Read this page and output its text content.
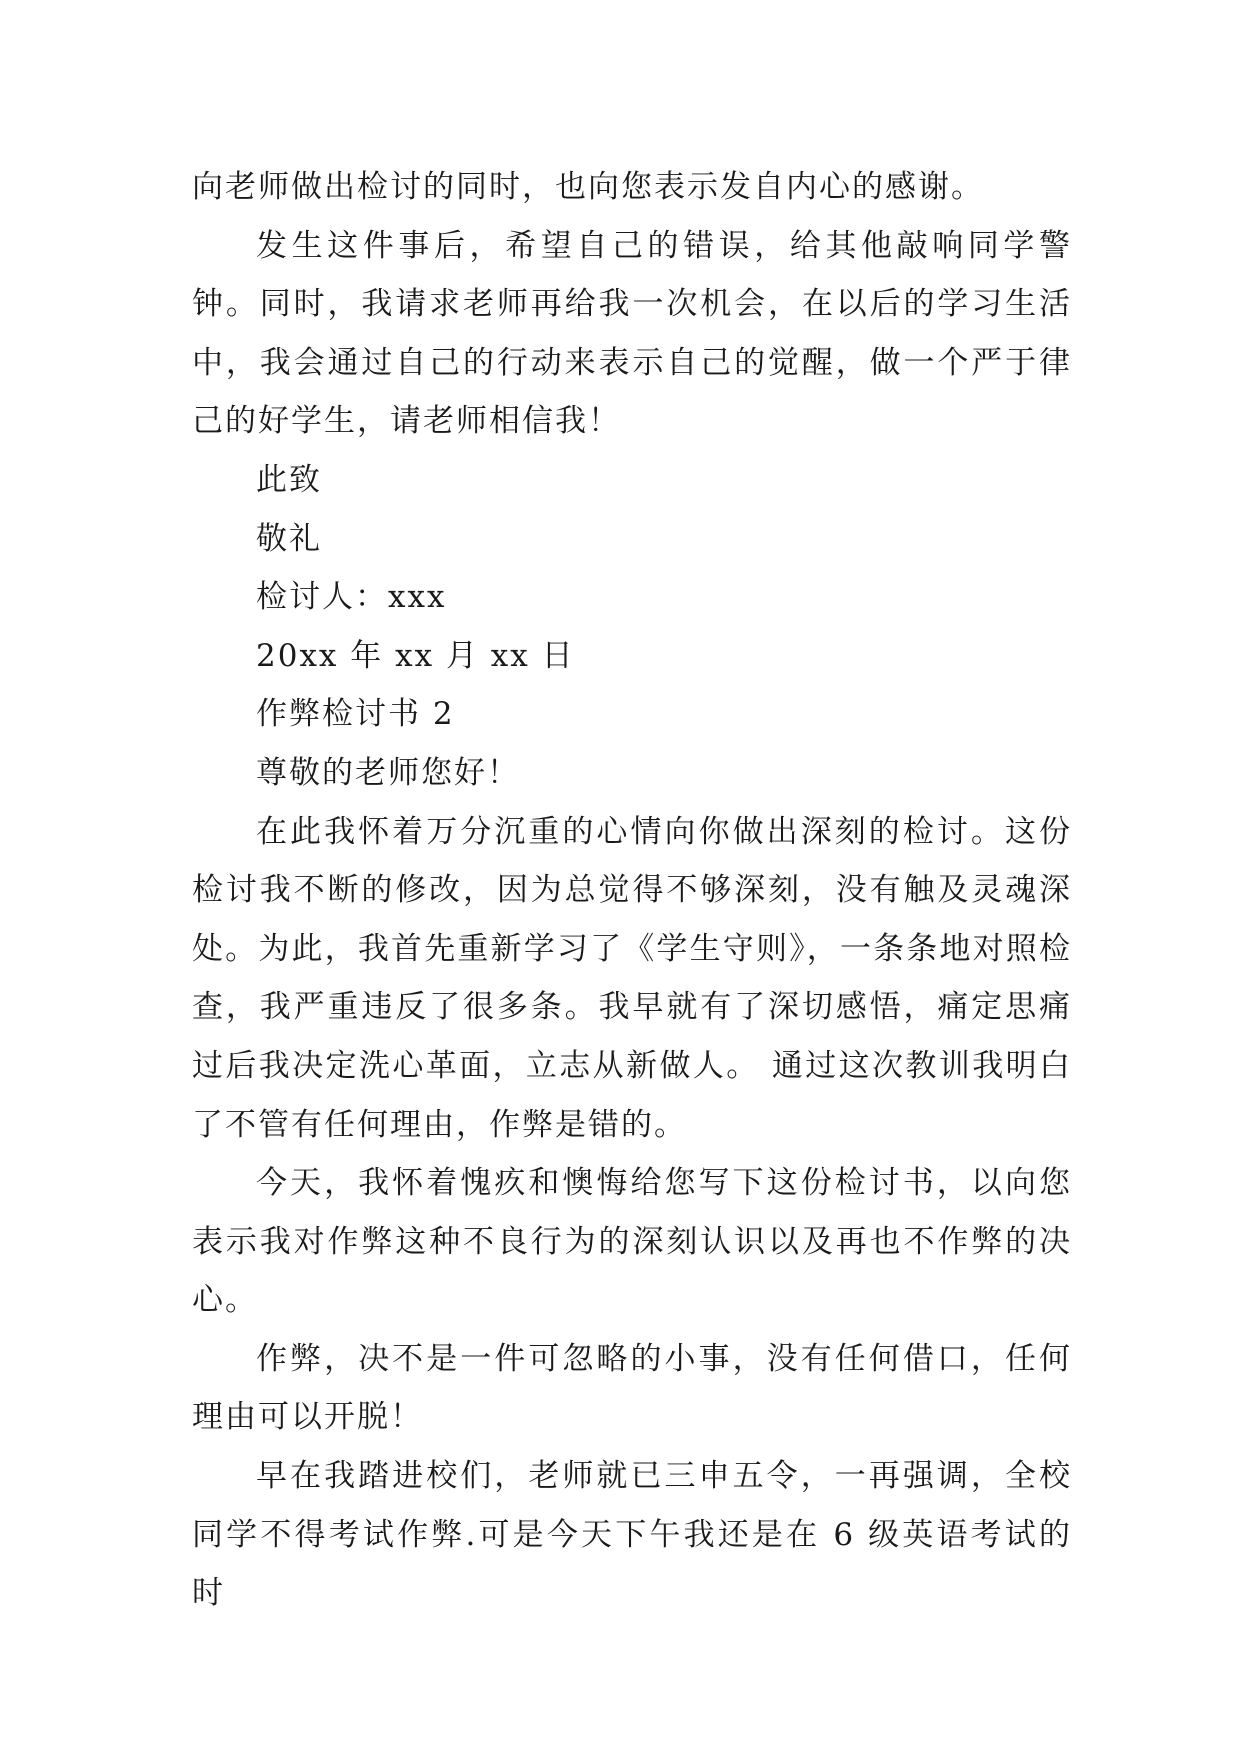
向老师做出检讨的同时，也向您表示发自内心的感谢。

发生这件事后，希望自己的错误，给其他敲响同学警钟。同时，我请求老师再给我一次机会，在以后的学习生活中，我会通过自己的行动来表示自己的觉醒，做一个严于律己的好学生，请老师相信我！

此致

敬礼

检讨人：xxx

20xx 年 xx 月 xx 日

作弊检讨书 2

尊敬的老师您好！

在此我怀着万分沉重的心情向你做出深刻的检讨。这份检讨我不断的修改，因为总觉得不够深刻，没有触及灵魂深处。为此，我首先重新学习了《学生守则》，一条条地对照检查，我严重违反了很多条。我早就有了深切感悟，痛定思痛过后我决定洗心革面，立志从新做人。 通过这次教训我明白了不管有任何理由，作弊是错的。

今天，我怀着愧疚和懊悔给您写下这份检讨书，以向您表示我对作弊这种不良行为的深刻认识以及再也不作弊的决心。

作弊，决不是一件可忽略的小事，没有任何借口，任何理由可以开脱！

早在我踏进校们，老师就已三申五令，一再强调，全校同学不得考试作弊.可是今天下午我还是在 6 级英语考试的时
